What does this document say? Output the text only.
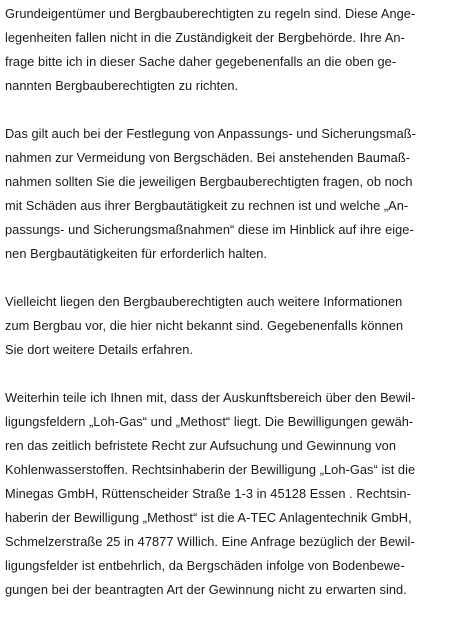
Grundeigentümer und Bergbauberechtigten zu regeln sind. Diese Ange-
legenheiten fallen nicht in die Zuständigkeit der Bergbehörde. Ihre An-
frage bitte ich in dieser Sache daher gegebenenfalls an die oben ge-
nannten Bergbauberechtigten zu richten.

Das gilt auch bei der Festlegung von Anpassungs- und Sicherungsmaß-
nahmen zur Vermeidung von Bergschäden. Bei anstehenden Baumaß-
nahmen sollten Sie die jeweiligen Bergbauberechtigten fragen, ob noch
mit Schäden aus ihrer Bergbautätigkeit zu rechnen ist und welche „An-
passungs- und Sicherungsmaßnahmen“ diese im Hinblick auf ihre eige-
nen Bergbautätigkeiten für erforderlich halten.

Vielleicht liegen den Bergbauberechtigten auch weitere Informationen
zum Bergbau vor, die hier nicht bekannt sind. Gegebenenfalls können
Sie dort weitere Details erfahren.

Weiterhin teile ich Ihnen mit, dass der Auskunftsbereich über den Bewil-
ligungsfeldern „Loh-Gas“ und „Methost“ liegt. Die Bewilligungen gewäh-
ren das zeitlich befristete Recht zur Aufsuchung und Gewinnung von
Kohlenwasserstoffen. Rechtsinhaberin der Bewilligung „Loh-Gas“ ist die
Minegas GmbH, Rüttenscheider Straße 1-3 in 45128 Essen . Rechtsin-
haberin der Bewilligung „Methost“ ist die A-TEC Anlagentechnik GmbH,
Schmelzerstraße 25 in 47877 Willich. Eine Anfrage bezüglich der Bewil-
ligungsfelder ist entbehrlich, da Bergschäden infolge von Bodenbewe-
gungen bei der beantragten Art der Gewinnung nicht zu erwarten sind.
